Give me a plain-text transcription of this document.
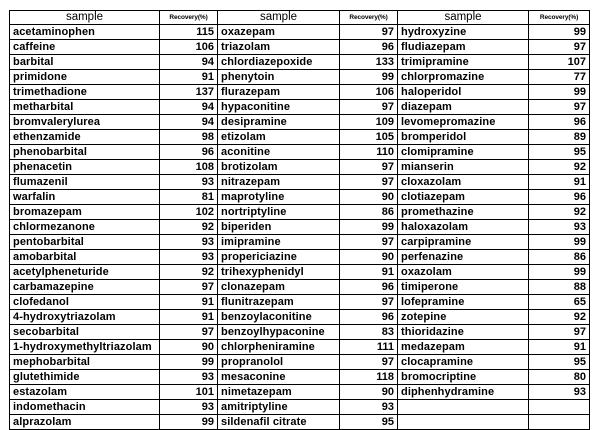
sample	Recovery(%)	sample	Recovery(%)	sample	Recovery(%)
acetaminophen	115	oxazepam	97	hydroxyzine	99
caffeine	106	triazolam	96	fludiazepam	97
barbital	94	chlordiazepoxide	133	trimipramine	107
primidone	91	phenytoin	99	chlorpromazine	77
trimethadione	137	flurazepam	106	haloperidol	99
metharbital	94	hypaconitine	97	diazepam	97
bromvalerylurea	94	desipramine	109	levomepromazine	96
ethenzamide	98	etizolam	105	bromperidol	89
phenobarbital	96	aconitine	110	clomipramine	95
phenacetin	108	brotizolam	97	mianserin	92
flumazenil	93	nitrazepam	97	cloxazolam	91
warfalin	81	maprotyline	90	clotiazepam	96
bromazepam	102	nortriptyline	86	promethazine	92
chlormezanone	92	biperiden	99	haloxazolam	93
pentobarbital	93	imipramine	97	carpipramine	99
amobarbital	93	propericiazine	90	perfenazine	86
acetylpheneturide	92	trihexyphenidyl	91	oxazolam	99
carbamazepine	97	clonazepam	96	timiperone	88
clofedanol	91	flunitrazepam	97	lofepramine	65
4-hydroxytriazolam	91	benzoylaconitine	96	zotepine	92
secobarbital	97	benzoylhypaconine	83	thioridazine	97
1-hydroxymethyltriazolam	90	chlorpheniramine	111	medazepam	91
mephobarbital	99	propranolol	97	clocapramine	95
glutethimide	93	mesaconine	118	bromocriptine	80
estazolam	101	nimetazepam	90	diphenhydramine	93
indomethacin	93	amitriptyline	93		
alprazolam	99	sildenafil citrate	95		
